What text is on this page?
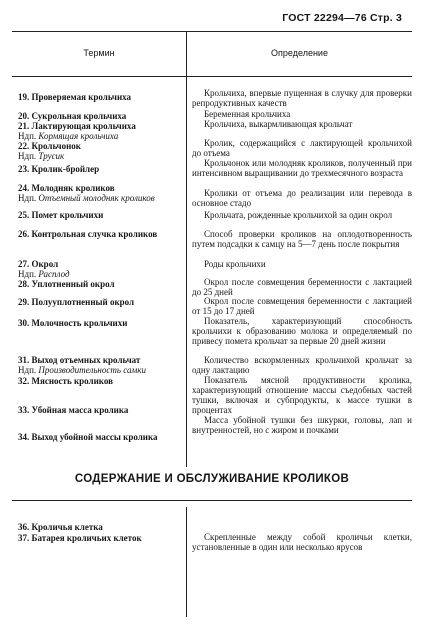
ГОСТ 22294—76 Стр. 3
Термин	Определение
19. Проверяемая крольчиха
20. Сукрольная крольчиха
21. Лактирующая крольчиха
Ндп. Кормящая крольчиха
22. Крольчонок
Ндп. Трусик
23. Кролик-бройлер
24. Молодняк кроликов
Ндп. Отъемный молодняк кроликов
25. Помет крольчихи
26. Контрольная случка кроликов
27. Окрол
Ндп. Расплод
28. Уплотненный окрол
29. Полууплотненный окрол
30. Молочность крольчихи
31. Выход отъемных крольчат
Ндп. Производительность самки
32. Мясность кроликов
33. Убойная масса кролика
34. Выход убойной массы кролика
Крольчиха, впервые пущенная в случку для проверки репродуктивных качеств
Беременная крольчиха
Крольчиха, выкармливающая крольчат
Кролик, содержащийся с лактирующей крольчихой до отъема
Крольчонок или молодняк кроликов, полученный при интенсивном выращивании до трехмесячного возраста
Кролики от отъема до реализации или перевода в основное стадо
Крольчата, рожденные крольчихой за один окрол
Способ проверки кроликов на оплодотворенность путем подсадки к самцу на 5—7 день после покрытия
Роды крольчихи
Окрол после совмещения беременности с лактацией до 25 дней
Окрол после совмещения беременности с лактацией от 15 до 17 дней
Показатель, характеризующий способность крольчихи к образованию молока и определяемый по привесу помета крольчат за первые 20 дней жизни
Количество вскормленных крольчихой крольчат за одну лактацию
Показатель мясной продуктивности кролика, характеризующий отношение массы съедобных частей тушки, включая и субпродукты, к массе тушки в процентах
Масса убойной тушки без шкурки, головы, лап и внутренностей, но с жиром и почками
СОДЕРЖАНИЕ И ОБСЛУЖИВАНИЕ КРОЛИКОВ
36. Кроличья клетка
37. Батарея кроличьих клеток	Скрепленные между собой кроличьи клетки, установленные в один или несколько ярусов
